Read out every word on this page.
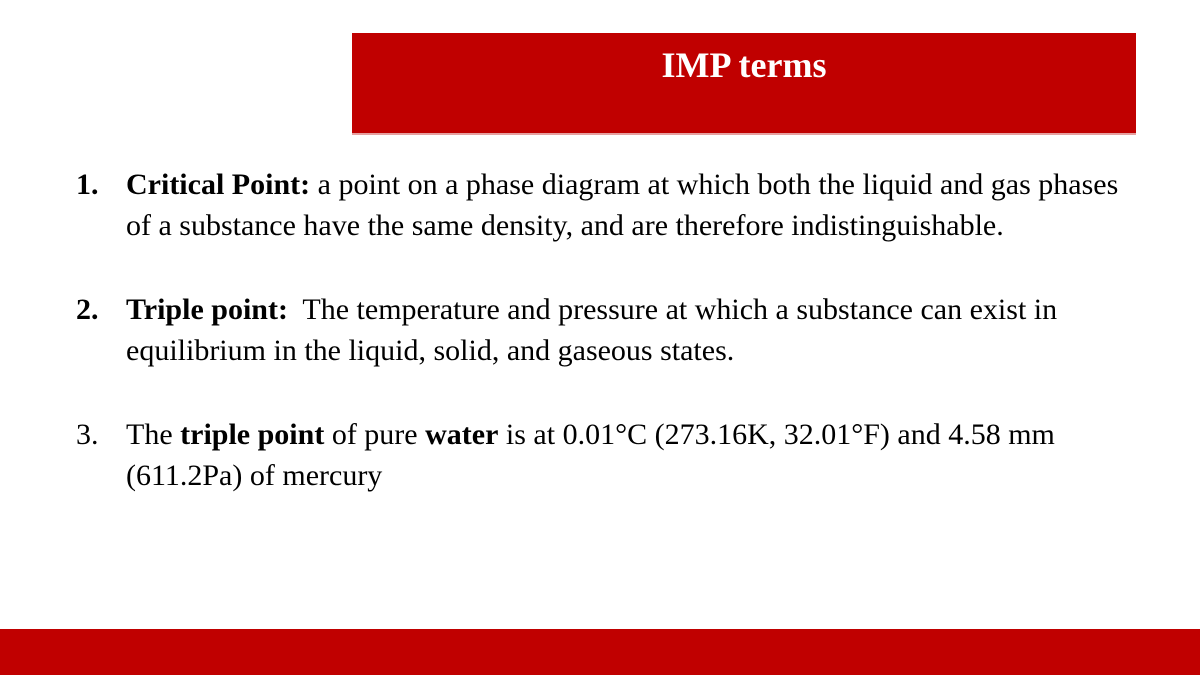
IMP terms
1. Critical Point: a point on a phase diagram at which both the liquid and gas phases of a substance have the same density, and are therefore indistinguishable.
2. Triple point:  The temperature and pressure at which a substance can exist in equilibrium in the liquid, solid, and gaseous states.
3. The triple point of pure water is at 0.01°C (273.16K, 32.01°F) and 4.58 mm (611.2Pa) of mercury
